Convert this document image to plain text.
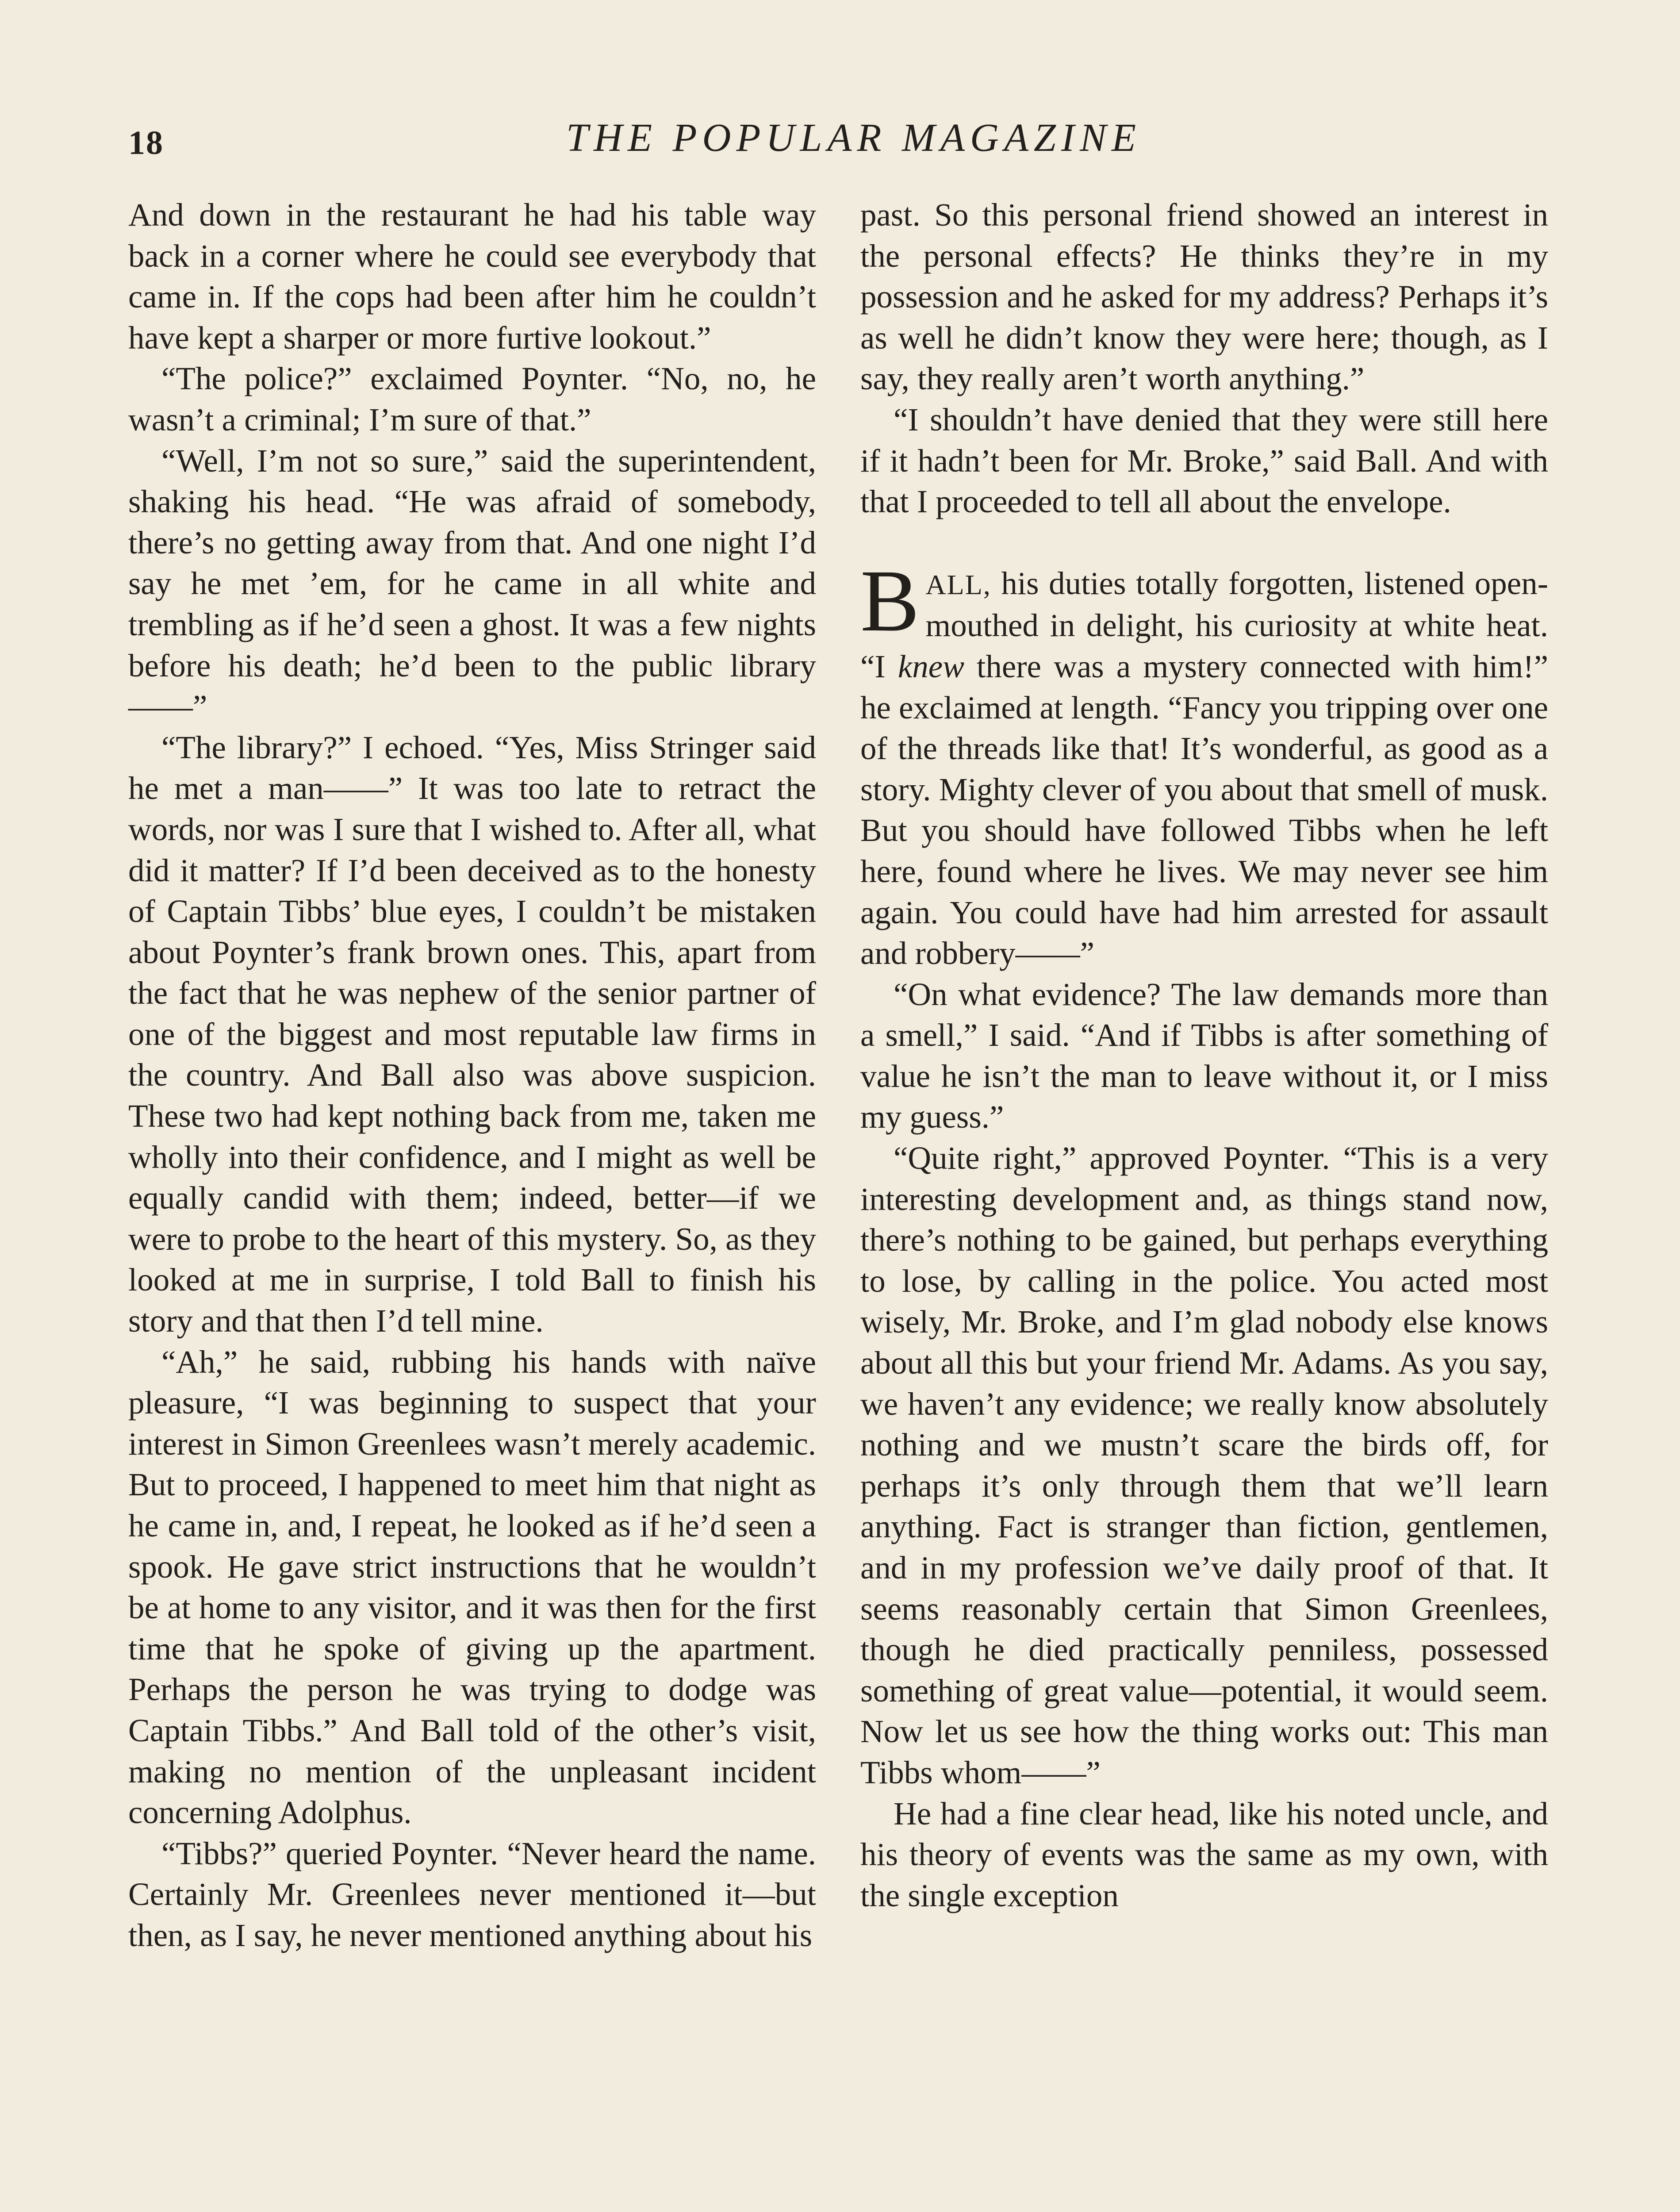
18	THE POPULAR MAGAZINE

And down in the restaurant he had his table way back in a corner where he could see everybody that came in. If the cops had been after him he couldn’t have kept a sharper or more furtive lookout.”

“The police?” exclaimed Poynter. “No, no, he wasn’t a criminal; I’m sure of that.”

“Well, I’m not so sure,” said the superintendent, shaking his head. “He was afraid of somebody, there’s no getting away from that. And one night I’d say he met ’em, for he came in all white and trembling as if he’d seen a ghost. It was a few nights before his death; he’d been to the public library——”

“The library?” I echoed. “Yes, Miss Stringer said he met a man——” It was too late to retract the words, nor was I sure that I wished to. After all, what did it matter? If I’d been deceived as to the honesty of Captain Tibbs’ blue eyes, I couldn’t be mistaken about Poynter’s frank brown ones. This, apart from the fact that he was nephew of the senior partner of one of the biggest and most reputable law firms in the country. And Ball also was above suspicion. These two had kept nothing back from me, taken me wholly into their confidence, and I might as well be equally candid with them; indeed, better—if we were to probe to the heart of this mystery. So, as they looked at me in surprise, I told Ball to finish his story and that then I’d tell mine.

“Ah,” he said, rubbing his hands with naïve pleasure, “I was beginning to suspect that your interest in Simon Greenlees wasn’t merely academic. But to proceed, I happened to meet him that night as he came in, and, I repeat, he looked as if he’d seen a spook. He gave strict instructions that he wouldn’t be at home to any visitor, and it was then for the first time that he spoke of giving up the apartment. Perhaps the person he was trying to dodge was Captain Tibbs.” And Ball told of the other’s visit, making no mention of the unpleasant incident concerning Adolphus.

“Tibbs?” queried Poynter. “Never heard the name. Certainly Mr. Greenlees never mentioned it—but then, as I say, he never mentioned anything about his

past. So this personal friend showed an interest in the personal effects? He thinks they’re in my possession and he asked for my address? Perhaps it’s as well he didn’t know they were here; though, as I say, they really aren’t worth anything.”

“I shouldn’t have denied that they were still here if it hadn’t been for Mr. Broke,” said Ball. And with that I proceeded to tell all about the envelope.

BALL, his duties totally forgotten, listened open-mouthed in delight, his curiosity at white heat. “I knew there was a mystery connected with him!” he exclaimed at length. “Fancy you tripping over one of the threads like that! It’s wonderful, as good as a story. Mighty clever of you about that smell of musk. But you should have followed Tibbs when he left here, found where he lives. We may never see him again. You could have had him arrested for assault and robbery——”

“On what evidence? The law demands more than a smell,” I said. “And if Tibbs is after something of value he isn’t the man to leave without it, or I miss my guess.”

“Quite right,” approved Poynter. “This is a very interesting development and, as things stand now, there’s nothing to be gained, but perhaps everything to lose, by calling in the police. You acted most wisely, Mr. Broke, and I’m glad nobody else knows about all this but your friend Mr. Adams. As you say, we haven’t any evidence; we really know absolutely nothing and we mustn’t scare the birds off, for perhaps it’s only through them that we’ll learn anything. Fact is stranger than fiction, gentlemen, and in my profession we’ve daily proof of that. It seems reasonably certain that Simon Greenlees, though he died practically penniless, possessed something of great value—potential, it would seem. Now let us see how the thing works out: This man Tibbs whom——”

He had a fine clear head, like his noted uncle, and his theory of events was the same as my own, with the single exception
